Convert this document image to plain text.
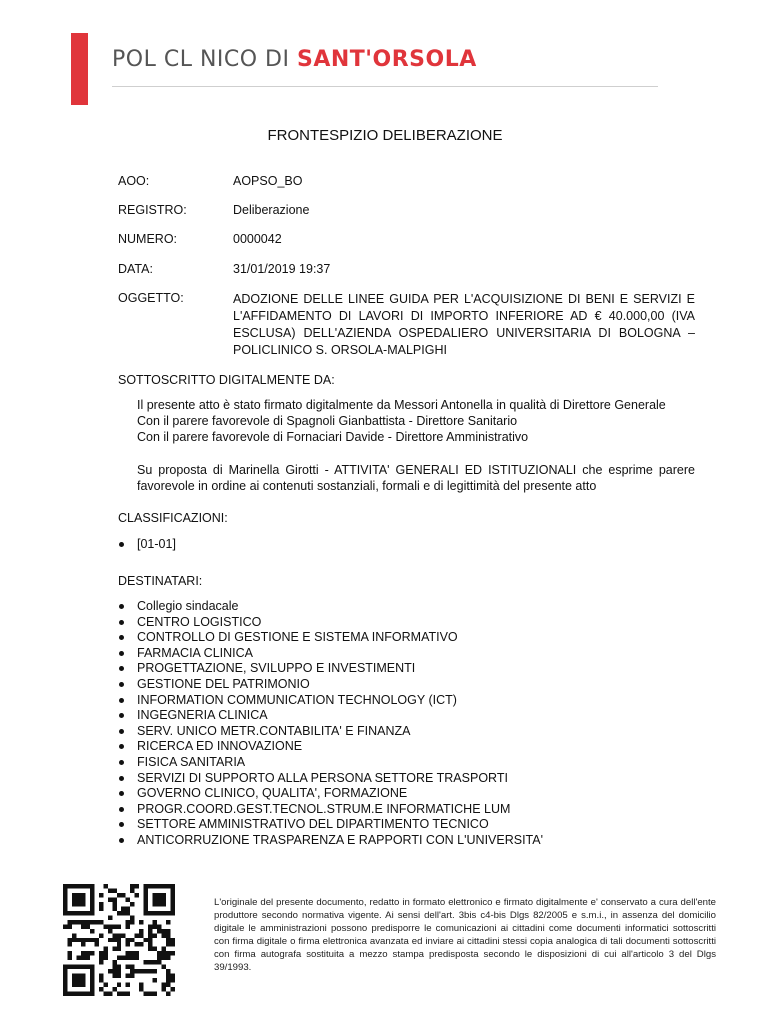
POL CL NICO DI SANT'ORSOLA
FRONTESPIZIO DELIBERAZIONE
AOO:	AOPSO_BO
REGISTRO:	Deliberazione
NUMERO:	0000042
DATA:	31/01/2019 19:37
OGGETTO:	ADOZIONE DELLE LINEE GUIDA PER L'ACQUISIZIONE DI BENI E SERVIZI E L'AFFIDAMENTO DI LAVORI DI IMPORTO INFERIORE AD € 40.000,00 (IVA ESCLUSA) DELL'AZIENDA OSPEDALIERO UNIVERSITARIA DI BOLOGNA – POLICLINICO S. ORSOLA-MALPIGHI
SOTTOSCRITTO DIGITALMENTE DA:
Il presente atto è stato firmato digitalmente da Messori Antonella in qualità di Direttore Generale
Con il parere favorevole di Spagnoli Gianbattista - Direttore Sanitario
Con il parere favorevole di Fornaciari Davide - Direttore Amministrativo
Su proposta di Marinella Girotti - ATTIVITA' GENERALI ED ISTITUZIONALI che esprime parere favorevole in ordine ai contenuti sostanziali, formali e di legittimità del presente atto
CLASSIFICAZIONI:
[01-01]
DESTINATARI:
Collegio sindacale
CENTRO LOGISTICO
CONTROLLO DI GESTIONE E SISTEMA INFORMATIVO
FARMACIA CLINICA
PROGETTAZIONE, SVILUPPO E INVESTIMENTI
GESTIONE DEL PATRIMONIO
INFORMATION COMMUNICATION TECHNOLOGY (ICT)
INGEGNERIA CLINICA
SERV. UNICO METR.CONTABILITA' E FINANZA
RICERCA ED INNOVAZIONE
FISICA SANITARIA
SERVIZI DI SUPPORTO ALLA PERSONA SETTORE TRASPORTI
GOVERNO CLINICO, QUALITA', FORMAZIONE
PROGR.COORD.GEST.TECNOL.STRUM.E INFORMATICHE LUM
SETTORE AMMINISTRATIVO DEL DIPARTIMENTO TECNICO
ANTICORRUZIONE TRASPARENZA E RAPPORTI CON L'UNIVERSITA'
L'originale del presente documento, redatto in formato elettronico e firmato digitalmente e' conservato a cura dell'ente produttore secondo normativa vigente. Ai sensi dell'art. 3bis c4-bis Dlgs 82/2005 e s.m.i., in assenza del domicilio digitale le amministrazioni possono predisporre le comunicazioni ai cittadini come documenti informatici sottoscritti con firma digitale o firma elettronica avanzata ed inviare ai cittadini stessi copia analogica di tali documenti sottoscritti con firma autografa sostituita a mezzo stampa predisposta secondo le disposizioni di cui all'articolo 3 del Dlgs 39/1993.
